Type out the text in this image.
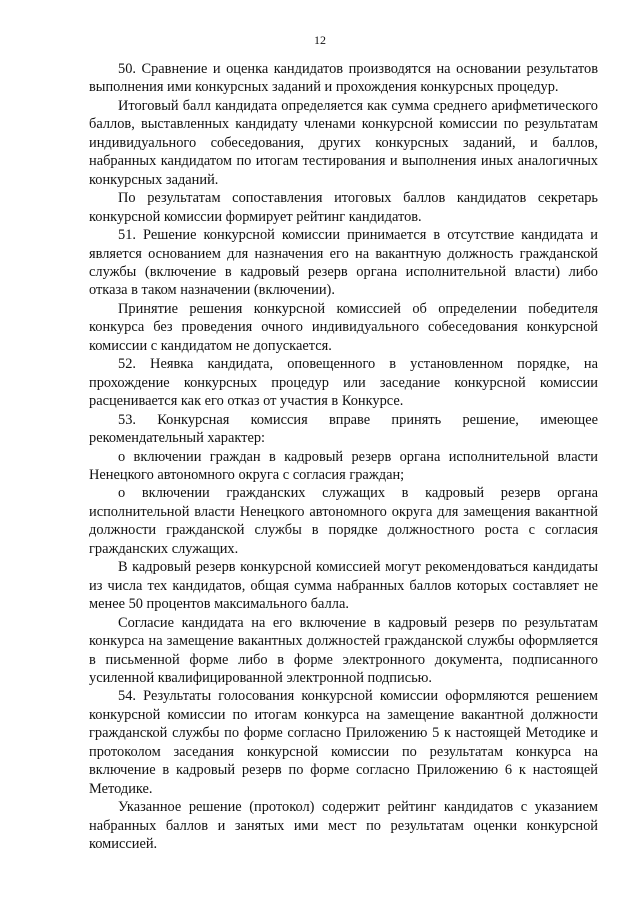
12

50. Сравнение и оценка кандидатов производятся на основании результатов выполнения ими конкурсных заданий и прохождения конкурсных процедур.

Итоговый балл кандидата определяется как сумма среднего арифметического баллов, выставленных кандидату членами конкурсной комиссии по результатам индивидуального собеседования, других конкурсных заданий, и баллов, набранных кандидатом по итогам тестирования и выполнения иных аналогичных конкурсных заданий.

По результатам сопоставления итоговых баллов кандидатов секретарь конкурсной комиссии формирует рейтинг кандидатов.

51. Решение конкурсной комиссии принимается в отсутствие кандидата и является основанием для назначения его на вакантную должность гражданской службы (включение в кадровый резерв органа исполнительной власти) либо отказа в таком назначении (включении).

Принятие решения конкурсной комиссией об определении победителя конкурса без проведения очного индивидуального собеседования конкурсной комиссии с кандидатом не допускается.

52. Неявка кандидата, оповещенного в установленном порядке, на прохождение конкурсных процедур или заседание конкурсной комиссии расценивается как его отказ от участия в Конкурсе.

53. Конкурсная комиссия вправе принять решение, имеющее рекомендательный характер:

о включении граждан в кадровый резерв органа исполнительной власти Ненецкого автономного округа с согласия граждан;

о включении гражданских служащих в кадровый резерв органа исполнительной власти Ненецкого автономного округа для замещения вакантной должности гражданской службы в порядке должностного роста с согласия гражданских служащих.

В кадровый резерв конкурсной комиссией могут рекомендоваться кандидаты из числа тех кандидатов, общая сумма набранных баллов которых составляет не менее 50 процентов максимального балла.

Согласие кандидата на его включение в кадровый резерв по результатам конкурса на замещение вакантных должностей гражданской службы оформляется в письменной форме либо в форме электронного документа, подписанного усиленной квалифицированной электронной подписью.

54. Результаты голосования конкурсной комиссии оформляются решением конкурсной комиссии по итогам конкурса на замещение вакантной должности гражданской службы по форме согласно Приложению 5 к настоящей Методике и протоколом заседания конкурсной комиссии по результатам конкурса на включение в кадровый резерв по форме согласно Приложению 6 к настоящей Методике.

Указанное решение (протокол) содержит рейтинг кандидатов с указанием набранных баллов и занятых ими мест по результатам оценки конкурсной комиссией.
